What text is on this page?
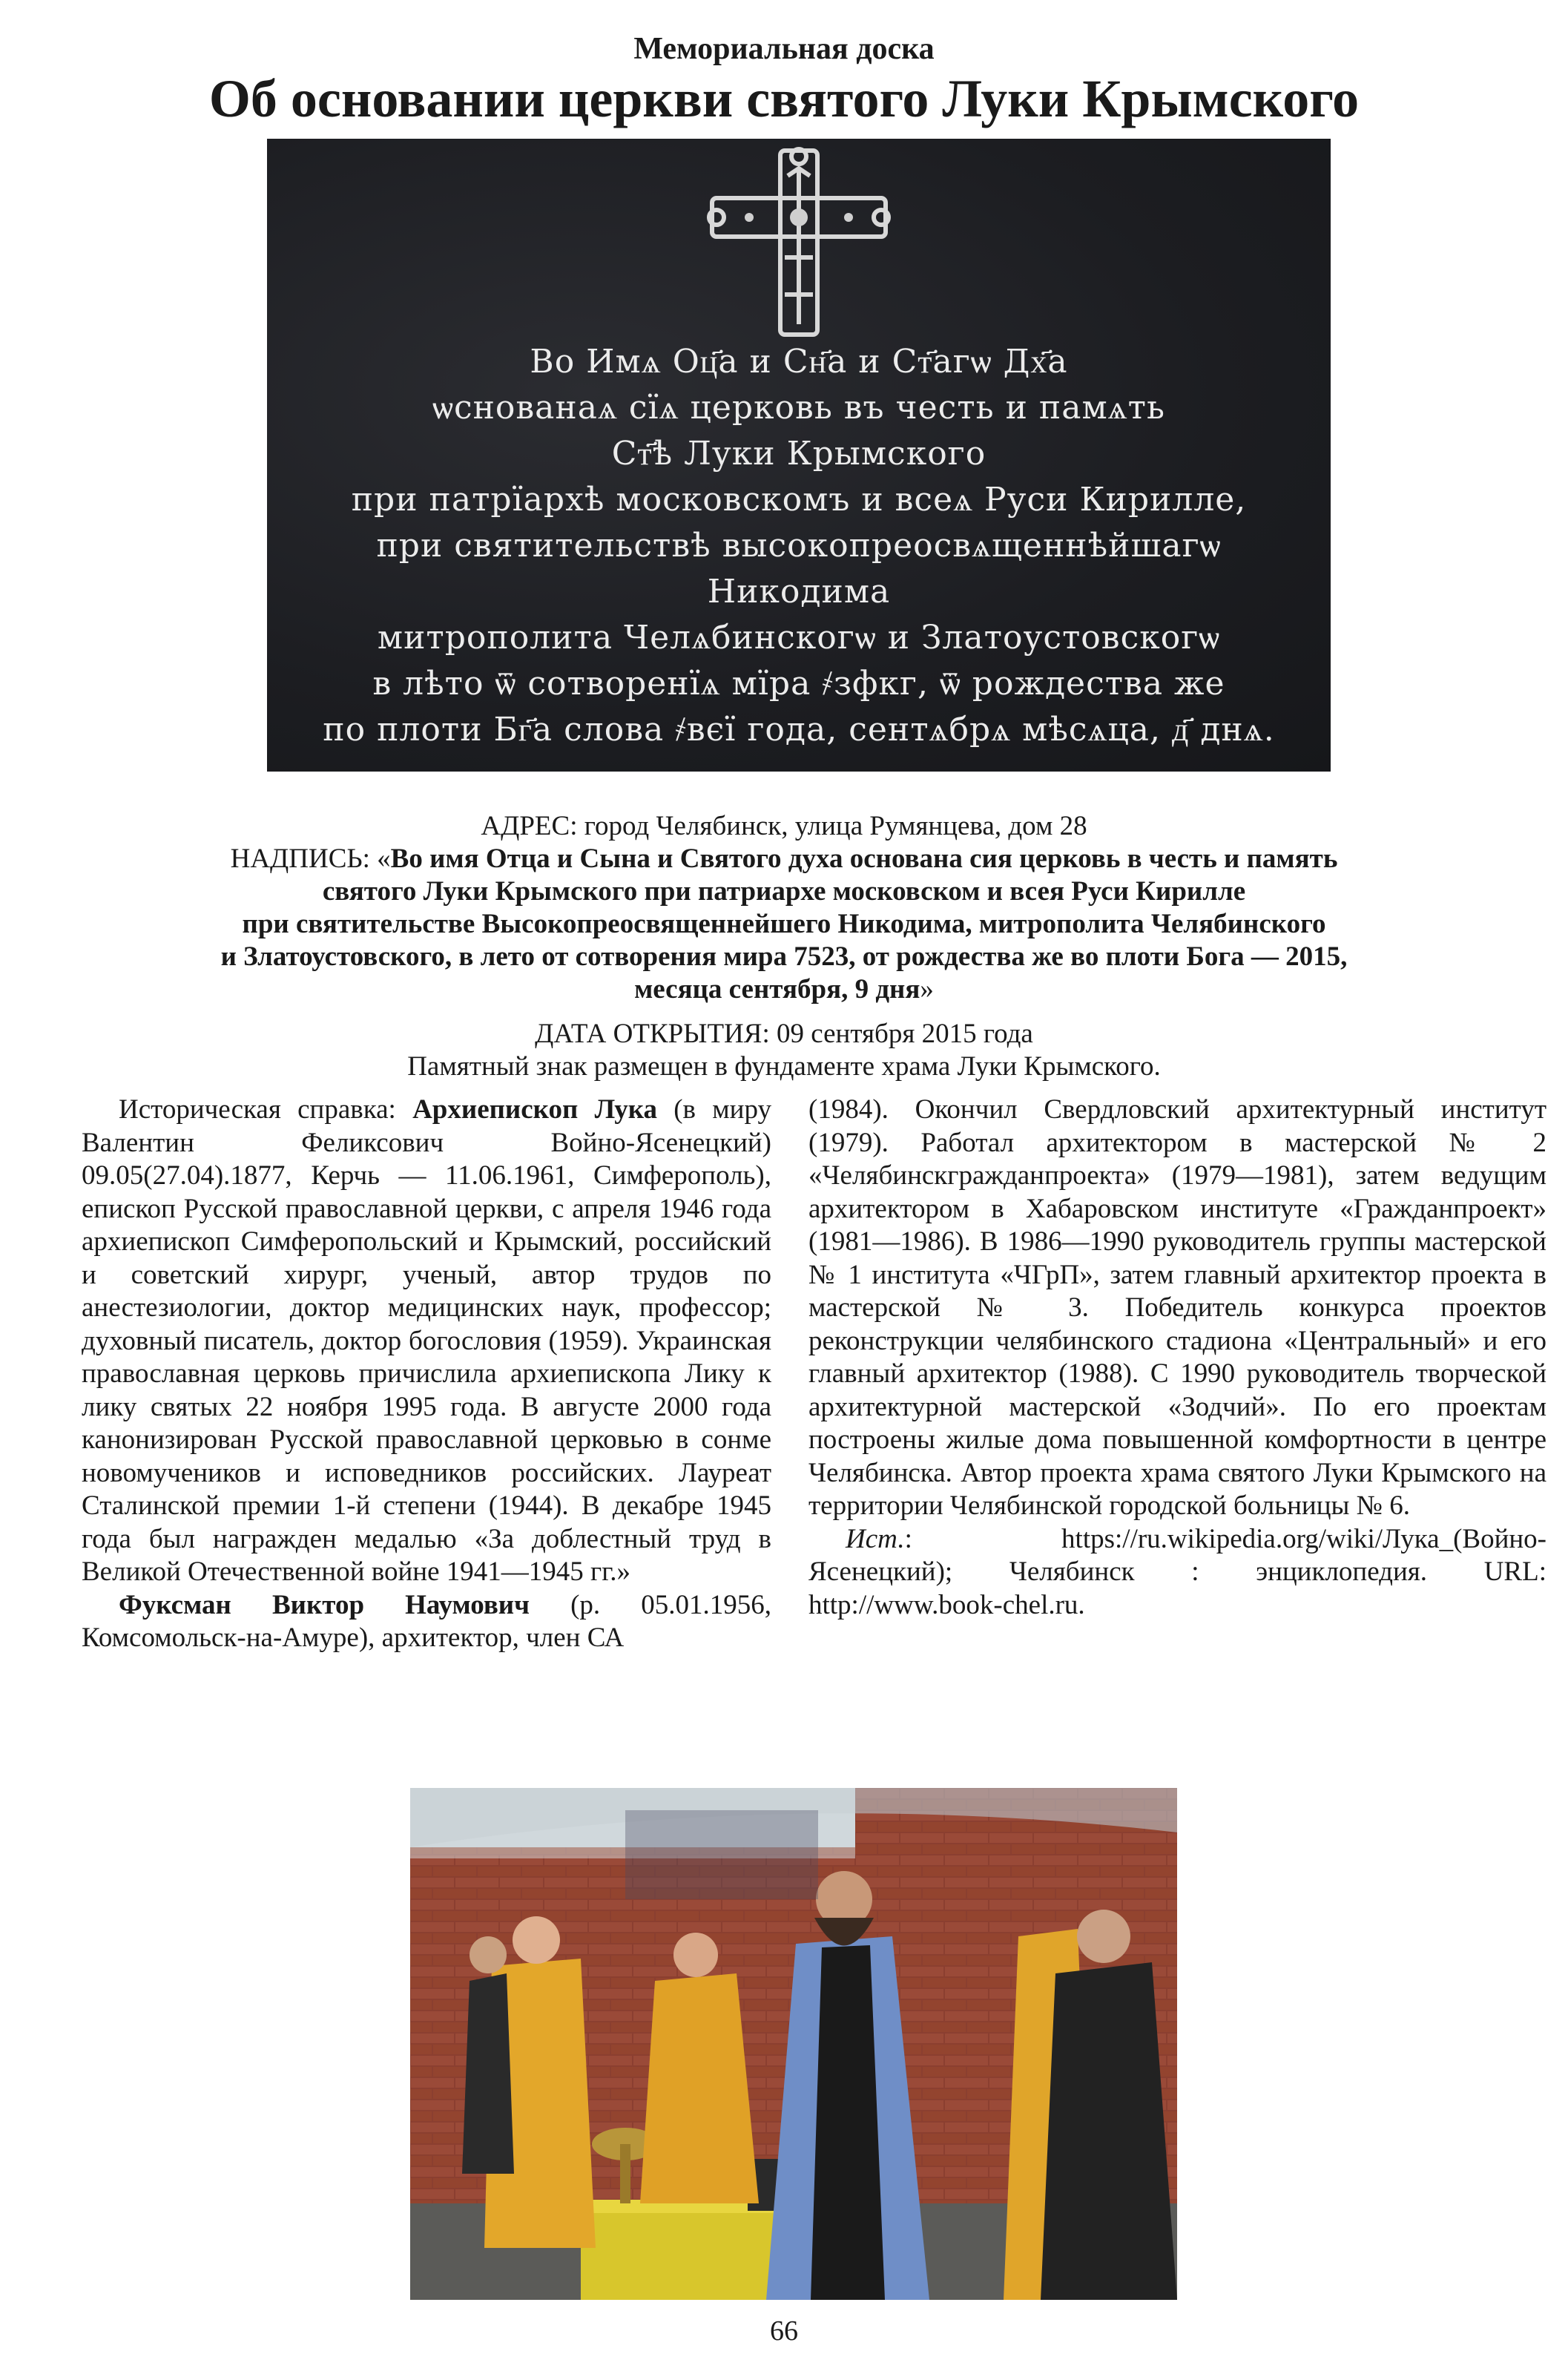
Мемориальная доска
Об основании церкви святого Луки Крымского
Во Имѧ Оц҃а и Сн҃а и Ст҃агѡ Дх҃а
ѡснованаѧ сїѧ церковь въ честь и памѧть
Ст҃ѣ Луки Крымского
при патрїархѣ московскомъ и всеѧ Руси Кирилле,
при святительствѣ высокопреосвѧщеннѣйшагѡ
Никодима
митрополита Челѧбинскогѡ и Златоустовскогѡ
в лѣто ѿ сотворенїѧ мїра ҂зфкг, ѿ рождества же
по плоти Бг҃а слова ҂вєї года, сентѧбрѧ мѣсѧца, д҃ днѧ.
АДРЕС: город Челябинск, улица Румянцева, дом 28
НАДПИСЬ: «Во имя Отца и Сына и Святого духа основана сия церковь в честь и память
святого Луки Крымского при патриархе московском и всея Руси Кирилле
при святительстве Высокопреосвященнейшего Никодима, митрополита Челябинского
и Златоустовского, в лето от сотворения мира 7523, от рождества же во плоти Бога — 2015,
месяца сентября, 9 дня»
ДАТА ОТКРЫТИЯ: 09 сентября 2015 года
Памятный знак размещен в фундаменте храма Луки Крымского.

Историческая справка: Архиепископ Лука (в миру Валентин Феликсович Войно-Ясенецкий) 09.05(27.04).1877, Керчь — 11.06.1961, Симферополь), епископ Русской православной церкви, с апреля 1946 года архиепископ Симферопольский и Крымский, российский и советский хирург, ученый, автор трудов по анестезиологии, доктор медицинских наук, профессор; духовный писатель, доктор богословия (1959). Украинская православная церковь причислила архиепископа Лику к лику святых 22 ноября 1995 года. В августе 2000 года канонизирован Русской православной церковью в сонме новомучеников и исповедников российских. Лауреат Сталинской премии 1-й степени (1944). В декабре 1945 года был награжден медалью «За доблестный труд в Великой Отечественной войне 1941—1945 гг.»

Фуксман Виктор Наумович (р. 05.01.1956, Комсомольск-на-Амуре), архитектор, член СА

(1984). Окончил Свердловский архитектурный институт (1979). Работал архитектором в мастерской № 2 «Челябинскгражданпроекта» (1979—1981), затем ведущим архитектором в Хабаровском институте «Гражданпроект» (1981—1986). В 1986—1990 руководитель группы мастерской № 1 института «ЧГрП», затем главный архитектор проекта в мастерской № 3. Победитель конкурса проектов реконструкции челябинского стадиона «Центральный» и его главный архитектор (1988). С 1990 руководитель творческой архитектурной мастерской «Зодчий». По его проектам построены жилые дома повышенной комфортности в центре Челябинска. Автор проекта храма святого Луки Крымского на территории Челябинской городской больницы № 6.

Ист.: https://ru.wikipedia.org/wiki/Лука_(Войно-Ясенецкий); Челябинск : энциклопедия. URL: http://www.book-chel.ru.

66
